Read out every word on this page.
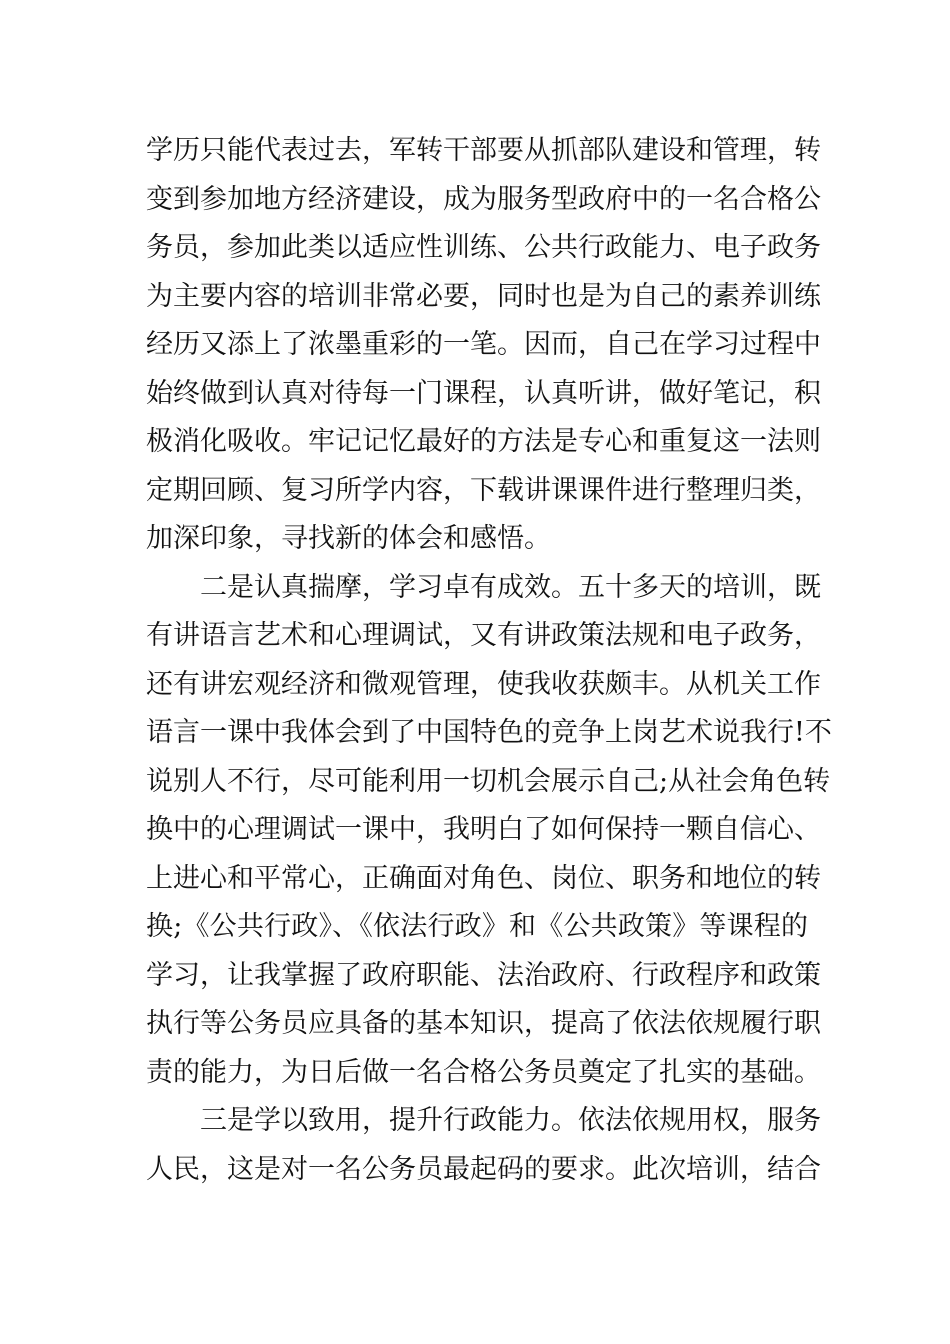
学历只能代表过去，军转干部要从抓部队建设和管理，转
变到参加地方经济建设，成为服务型政府中的一名合格公
务员，参加此类以适应性训练、公共行政能力、电子政务
为主要内容的培训非常必要，同时也是为自己的素养训练
经历又添上了浓墨重彩的一笔。因而，自己在学习过程中
始终做到认真对待每一门课程，认真听讲，做好笔记，积
极消化吸收。牢记记忆最好的方法是专心和重复这一法则
定期回顾、复习所学内容，下载讲课课件进行整理归类，
加深印象，寻找新的体会和感悟。
二是认真揣摩，学习卓有成效。五十多天的培训，既
有讲语言艺术和心理调试，又有讲政策法规和电子政务，
还有讲宏观经济和微观管理，使我收获颇丰。从机关工作
语言一课中我体会到了中国特色的竞争上岗艺术说我行!不
说别人不行，尽可能利用一切机会展示自己;从社会角色转
换中的心理调试一课中，我明白了如何保持一颗自信心、
上进心和平常心，正确面对角色、岗位、职务和地位的转
换;《公共行政》、《依法行政》和《公共政策》等课程的
学习，让我掌握了政府职能、法治政府、行政程序和政策
执行等公务员应具备的基本知识，提高了依法依规履行职
责的能力，为日后做一名合格公务员奠定了扎实的基础。
三是学以致用，提升行政能力。依法依规用权，服务
人民，这是对一名公务员最起码的要求。此次培训，结合
